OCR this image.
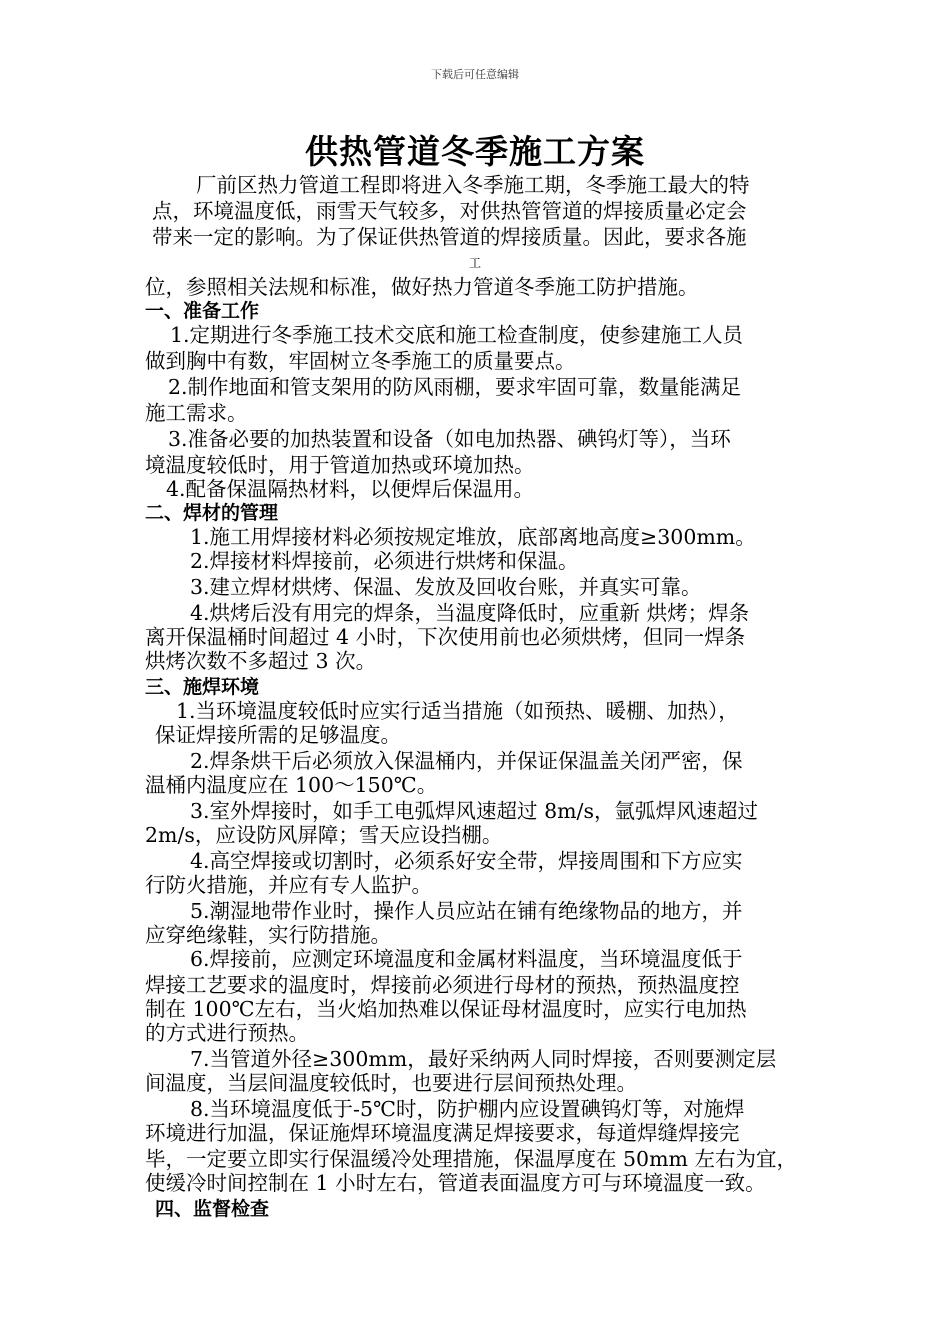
下载后可任意编辑
供热管道冬季施工方案
厂前区热力管道工程即将进入冬季施工期，冬季施工最大的特
点，环境温度低，雨雪天气较多，对供热管管道的焊接质量必定会
带来一定的影响。为了保证供热管道的焊接质量。因此，要求各施
工
位，参照相关法规和标准，做好热力管道冬季施工防护措施。
一、准备工作
1.定期进行冬季施工技术交底和施工检查制度，使参建施工人员
做到胸中有数，牢固树立冬季施工的质量要点。
2.制作地面和管支架用的防风雨棚，要求牢固可靠，数量能满足
施工需求。
3.准备必要的加热装置和设备（如电加热器、碘钨灯等），当环
境温度较低时，用于管道加热或环境加热。
4.配备保温隔热材料，以便焊后保温用。
二、焊材的管理
1.施工用焊接材料必须按规定堆放，底部离地高度≥300mm。
2.焊接材料焊接前，必须进行烘烤和保温。
3.建立焊材烘烤、保温、发放及回收台账，并真实可靠。
4.烘烤后没有用完的焊条，当温度降低时，应重新 烘烤；焊条
离开保温桶时间超过 4 小时，下次使用前也必须烘烤，但同一焊条
烘烤次数不多超过 3 次。
三、施焊环境
1.当环境温度较低时应实行适当措施（如预热、暖棚、加热），
保证焊接所需的足够温度。
2.焊条烘干后必须放入保温桶内，并保证保温盖关闭严密，保
温桶内温度应在 100～150℃。
3.室外焊接时，如手工电弧焊风速超过 8m/s，氩弧焊风速超过
2m/s，应设防风屏障；雪天应设挡棚。
4.高空焊接或切割时，必须系好安全带，焊接周围和下方应实
行防火措施，并应有专人监护。
5.潮湿地带作业时，操作人员应站在铺有绝缘物品的地方，并
应穿绝缘鞋，实行防措施。
6.焊接前，应测定环境温度和金属材料温度，当环境温度低于
焊接工艺要求的温度时，焊接前必须进行母材的预热，预热温度控
制在 100℃左右，当火焰加热难以保证母材温度时，应实行电加热
的方式进行预热。
7.当管道外径≥300mm，最好采纳两人同时焊接，否则要测定层
间温度，当层间温度较低时，也要进行层间预热处理。
8.当环境温度低于-5℃时，防护棚内应设置碘钨灯等，对施焊
环境进行加温，保证施焊环境温度满足焊接要求，每道焊缝焊接完
毕，一定要立即实行保温缓冷处理措施，保温厚度在 50mm 左右为宜，
使缓冷时间控制在 1 小时左右，管道表面温度方可与环境温度一致。
四、监督检查
